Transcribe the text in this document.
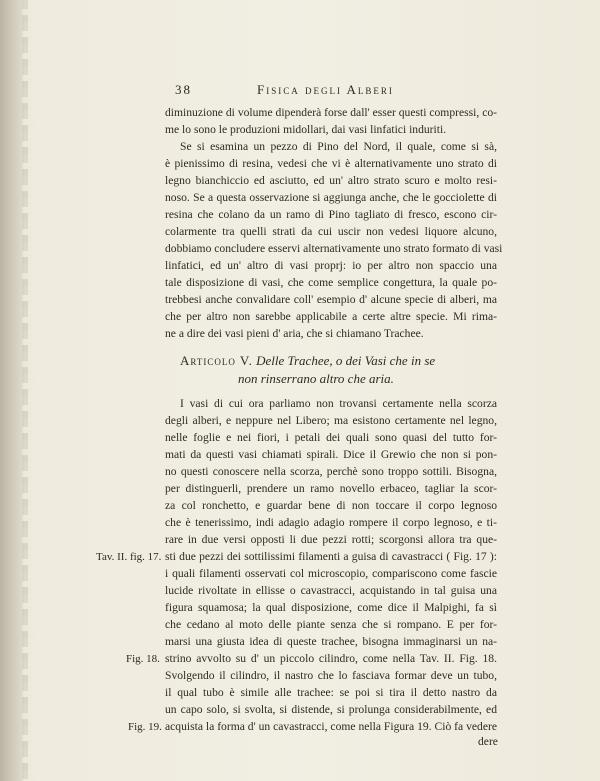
38	Fisica degli Alberi
diminuzione di volume dipenderà forse dall' esser questi compressi, co-
me lo sono le produzioni midollari, dai vasi linfatici induriti.
Se si esamina un pezzo di Pino del Nord, il quale, come si sà,
è pienissimo di resina, vedesi che vi è alternativamente uno strato di
legno bianchiccio ed asciutto, ed un' altro strato scuro e molto resi-
noso. Se a questa osservazione si aggiunga anche, che le gocciolette di
resina che colano da un ramo di Pino tagliato di fresco, escono cir-
colarmente tra quelli strati da cui uscir non vedesi liquore alcuno,
dobbiamo concludere esservi alternativamente uno strato formato di vasi
linfatici, ed un' altro di vasi proprj: io per altro non spaccio una
tale disposizione di vasi, che come semplice congettura, la quale po-
trebbesi anche convalidare coll' esempio d' alcune specie di alberi, ma
che per altro non sarebbe applicabile a certe altre specie. Mi rima-
ne a dire dei vasi pieni d' aria, che si chiamano Trachee.
Articolo V. Delle Trachee, o dei Vasi che in se
non rinserrano altro che aria.
I vasi di cui ora parliamo non trovansi certamente nella scorza
degli alberi, e neppure nel Libero; ma esistono certamente nel legno,
nelle foglie e nei fiori, i petali dei quali sono quasi del tutto for-
mati da questi vasi chiamati spirali. Dice il Grewio che non si pon-
no questi conoscere nella scorza, perchè sono troppo sottili. Bisogna,
per distinguerli, prendere un ramo novello erbaceo, tagliar la scor-
za col ronchetto, e guardar bene di non toccare il corpo legnoso
che è tenerissimo, indi adagio adagio rompere il corpo legnoso, e ti-
rare in due versi opposti li due pezzi rotti; scorgonsi allora tra que-
sti due pezzi dei sottilissimi filamenti a guisa di cavastracci ( Fig. 17 ):
i quali filamenti osservati col microscopio, compariscono come fascie
lucide rivoltate in ellisse o cavastracci, acquistando in tal guisa una
figura squamosa; la qual disposizione, come dice il Malpighi, fa sì
che cedano al moto delle piante senza che si rompano. E per for-
marsi una giusta idea di queste trachee, bisogna immaginarsi un na-
strino avvolto su d' un piccolo cilindro, come nella Tav. II. Fig. 18.
Svolgendo il cilindro, il nastro che lo fasciava formar deve un tubo,
il qual tubo è simile alle trachee: se poi si tira il detto nastro da
un capo solo, si svolta, si distende, si prolunga considerabilmente, ed
acquista la forma d' un cavastracci, come nella Figura 19. Ciò fa vedere
dere
Tav. II. fig. 17.
Fig. 18.
Fig. 19.
